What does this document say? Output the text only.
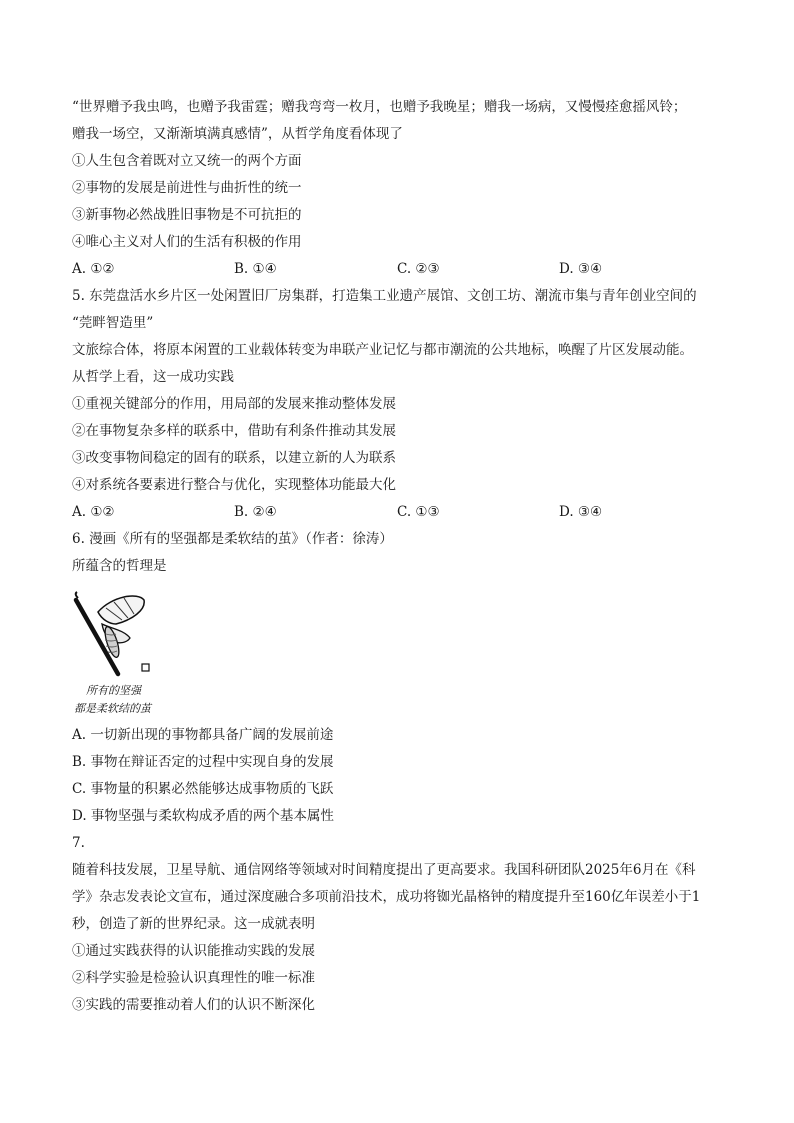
“世界赠予我虫鸣，也赠予我雷霆；赠我弯弯一枚月，也赠予我晚星；赠我一场病，又慢慢痊愈摇风铃；
赠我一场空，又渐渐填满真感情”，从哲学角度看体现了
①人生包含着既对立又统一的两个方面
②事物的发展是前进性与曲折性的统一
③新事物必然战胜旧事物是不可抗拒的
④唯心主义对人们的生活有积极的作用
A. ①②	B. ①④	C. ②③	D. ③④
5. 东莞盘活水乡片区一处闲置旧厂房集群，打造集工业遗产展馆、文创工坊、潮流市集与青年创业空间的
“莞畔智造里”
文旅综合体，将原本闲置的工业载体转变为串联产业记忆与都市潮流的公共地标，唤醒了片区发展动能。
从哲学上看，这一成功实践
①重视关键部分的作用，用局部的发展来推动整体发展
②在事物复杂多样的联系中，借助有利条件推动其发展
③改变事物间稳定的固有的联系，以建立新的人为联系
④对系统各要素进行整合与优化，实现整体功能最大化
A. ①②	B. ②④	C. ①③	D. ③④
6. 漫画《所有的坚强都是柔软结的茧》（作者：徐涛）
所蕴含的哲理是
所有的坚强
都是柔软结的茧
A. 一切新出现的事物都具备广阔的发展前途
B. 事物在辩证否定的过程中实现自身的发展
C. 事物量的积累必然能够达成事物质的飞跃
D. 事物坚强与柔软构成矛盾的两个基本属性
7.
随着科技发展，卫星导航、通信网络等领域对时间精度提出了更高要求。我国科研团队2025年6月在《科
学》杂志发表论文宣布，通过深度融合多项前沿技术，成功将铷光晶格钟的精度提升至160亿年误差小于1
秒，创造了新的世界纪录。这一成就表明
①通过实践获得的认识能推动实践的发展
②科学实验是检验认识真理性的唯一标准
③实践的需要推动着人们的认识不断深化
